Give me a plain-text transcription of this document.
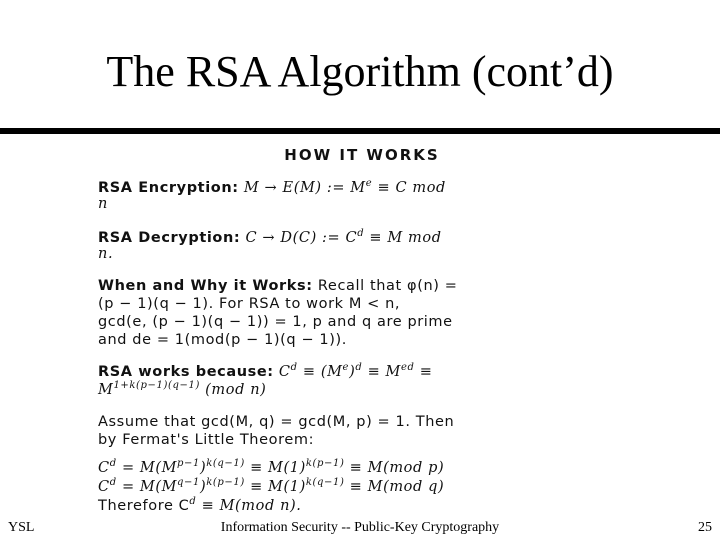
The RSA Algorithm (cont’d)
HOW IT WORKS
RSA Encryption: M → E(M) := $M^e \equiv C$ mod
n
RSA Decryption: C → D(C) := $C^d \equiv M$ mod
n.
When and Why it Works: Recall that φ(n) =
(p − 1)(q − 1). For RSA to work M < n,
gcd(e, (p − 1)(q − 1)) = 1, p and q are prime
and de = 1(mod(p − 1)(q − 1)).
RSA works because: $C^d \equiv (M^e)^d \equiv M^{ed}$ ≡
$M^{1+k(p-1)(q-1)}$ (mod n)
Assume that gcd(M, q) = gcd(M, p) = 1. Then
by Fermat's Little Theorem:
$C^d = M(M^{p-1})^{k(q-1)} \equiv M(1)^{k(p-1)} \equiv M(mod$ p)
$C^d = M(M^{q-1})^{k(p-1)} \equiv M(1)^{k(q-1)} \equiv M(mod$ q)
Therefore $C^d \equiv M(mod$ n).
YSL	Information Security -- Public-Key Cryptography	25
